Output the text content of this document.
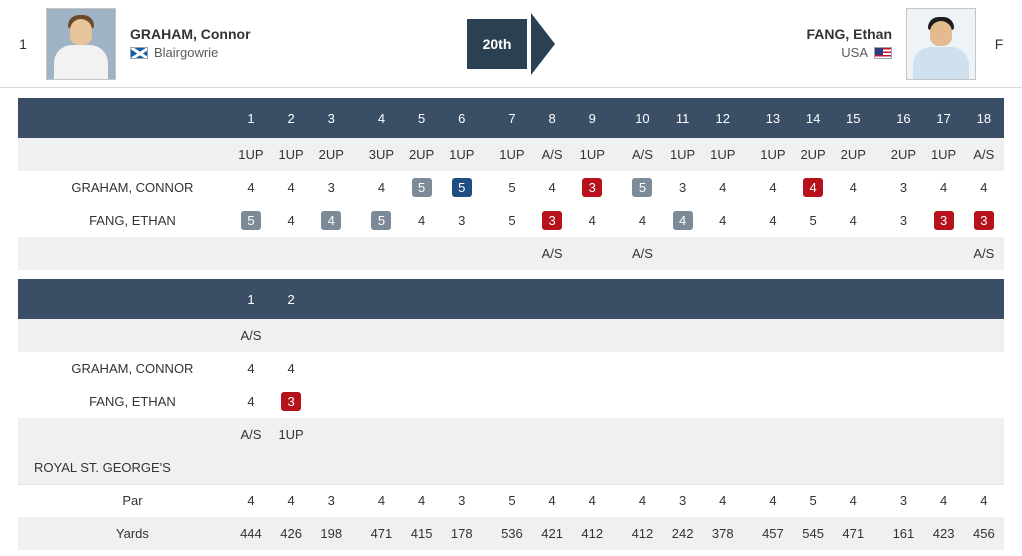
1
GRAHAM, Connor
Blairgowrie
20th
FANG, Ethan
USA
F
	1	2	3		4	5	6		7	8	9		10	11	12		13	14	15		16	17	18
	1UP	1UP	2UP		3UP	2UP	1UP		1UP	A/S	1UP		A/S	1UP	1UP		1UP	2UP	2UP		2UP	1UP	A/S
GRAHAM, CONNOR	4	4	3		4	5	5		5	4	3		5	3	4		4	4	4		3	4	4
FANG, ETHAN	5	4	4		5	4	3		5	3	4		4	4	4		4	5	4		3	3	3
										A/S			A/S										A/S

	1	2																					
	A/S																						
GRAHAM, CONNOR	4	4																					
FANG, ETHAN	4	3																					
	A/S	1UP																					
ROYAL ST. GEORGE'S																							
Par	4	4	3		4	4	3		5	4	4		4	3	4		4	5	4		3	4	4
Yards	444	426	198		471	415	178		536	421	412		412	242	378		457	545	471		161	423	456
